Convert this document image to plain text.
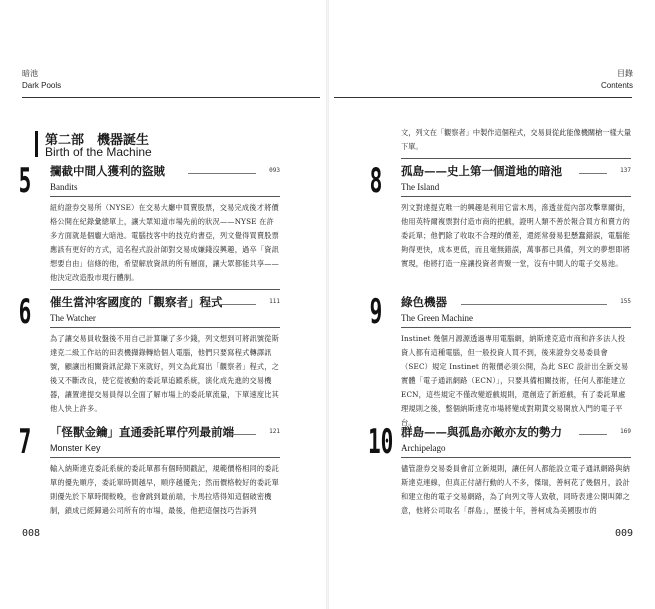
暗池
Dark Pools
第二部　機器誕生
Birth of the Machine
5 攔截中間人獲利的盜賊	093
Bandits
紐約證券交易所（NYSE）在交易大廳中買賣股票，交易完成後才將價格公開在紀錄彙總單上，讓大眾知道市場先前的狀況——NYSE 在許多方面就是個龐大暗池。電腦技客中的技克約書亞，列文覺得買賣股票應該有更好的方式，這名程式設計師對交易成嫌錢沒興趣，過卒「資訊想要自由」信條的他，希望解放資訊的所有層面，讓大眾都能共享——他決定改造股市現行體制。
6 催生當沖客國度的「觀察者」程式	111
The Watcher
為了讓交易員收盤後不用自己計算賺了多少錢，列文想到可將訊號從斯達克二級工作站的田表機擷錄轉給個人電腦，他們只要寫程式轉譯訊號，顧讓出相關資訊記錄下來就好，列文為此寫出「觀察者」程式，之後又不斷改良，使它從被動的委託單追蹤系統，演化成先進的交易機器，讓置達提交易員得以全面了解市場上的委託單流量，下單速度比其他人快上許多。
7 「怪獸金鑰」直通委託單佇列最前端	121
Monster Key
輸入納斯達克委託系統的委託單都有個時間戳記，規範價格相同的委託單的優先順序，委託單時間越早，順序越優先；然而價格較好的委託單則優先於下單時間較晚，也會跳到最前端，卡馬拉塔得知這個破密機制，鎖成已經歸過公司所有的市場，最後，他把這個技巧告訴列
008
目錄
Contents
文，列文在「觀察者」中製作這個程式，交易員從此能像機關槍一樣大量下單。
8 孤島——史上第一個道地的暗池	137
The Island
列文對達提克唯一的興趣是利用它當木馬，滲透並從內部攻擊華爾街，他用英特爾複票對付造市商的把戲，證明人類不善於報合買方和賣方的委託單；他們除了收取不合理的價差，還經常發易犯懸蠢錯誤，電腦能夠得更快，成本更低，而且毫無錯誤，萬事都已具備，列文的夢想即將實現，他將打造一座讓投資者齊聚一堂，沒有中間人的電子交易池。
9 綠色機器	155
The Green Machine
Instinet 幾個月源源透過專用電腦網，納斯達克造市商和許多法人投資人都有這種電腦，但一般投資人買不到，後來證券交易委員會（SEC）規定 Instinet 的報價必須公開，為此 SEC 設計出全新交易實體「電子通訊網路（ECN）」，只要具備相關技術，任何人都能建立 ECN，這些規定不僅改變遊戲規則，還創造了新遊戲，有了委託單處理規則之後，整個納斯達克市場將變成對期貨交易開放入門的電子平台。
10 群島——與孤島亦敵亦友的勢力	169
Archipelago
儘管證券交易委員會訂立新規則，讓任何人都能設立電子通訊網路與納斯達克連線，但真正付諸行動的人不多，傑瑞，善柯花了幾個月，設計和建立他的電子交易網路，為了向列文等人致敬，同時表達公開叫陣之意，他將公司取名「群島」，歷後十年，善柯成為美國股市的
009
